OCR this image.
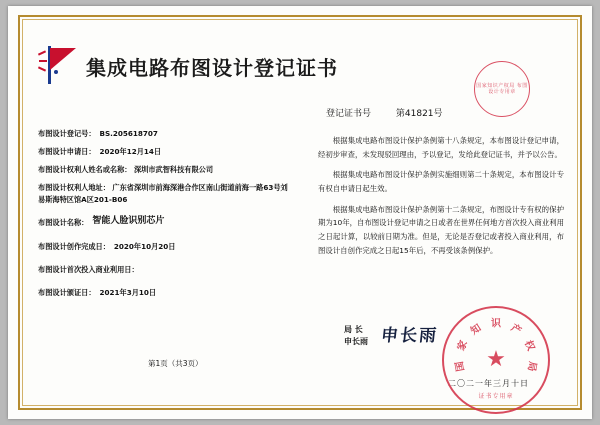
集成电路布图设计登记证书
登记证书号	第41821号
布图设计登记号： BS.205618707
布图设计申请日： 2020年12月14日
布图设计权利人姓名或名称： 深圳市武智科技有限公司
布图设计权利人地址： 广东省深圳市前海深港合作区南山街道前海一路63号刘易斯海特区馆A区201-B06
布图设计名称： 智能人脸识别芯片
布图设计创作完成日： 2020年10月20日
布图设计首次投入商业利用日：
布图设计颁证日： 2021年3月10日
第1页（共3页）

根据集成电路布图设计保护条例第十八条规定，本布图设计登记申请，经初步审查，未发现驳回理由，予以登记，发给此登记证书，并予以公告。

根据集成电路布图设计保护条例实施细则第二十条规定，本布图设计专有权自申请日起生效。

根据集成电路布图设计保护条例第十二条规定，布图设计专有权的保护期为10年，自布图设计登记申请之日或者在世界任何地方首次投入商业利用之日起计算，以较前日期为准。但是，无论是否登记或者投入商业利用，布图设计自创作完成之日起15年后，不再受该条例保护。

局 长
申长雨 申长雨
二〇二一年三月十日
国家知识产权局 布图设计专用章
国
家
知 识 产
权
局
★
证书专用章
